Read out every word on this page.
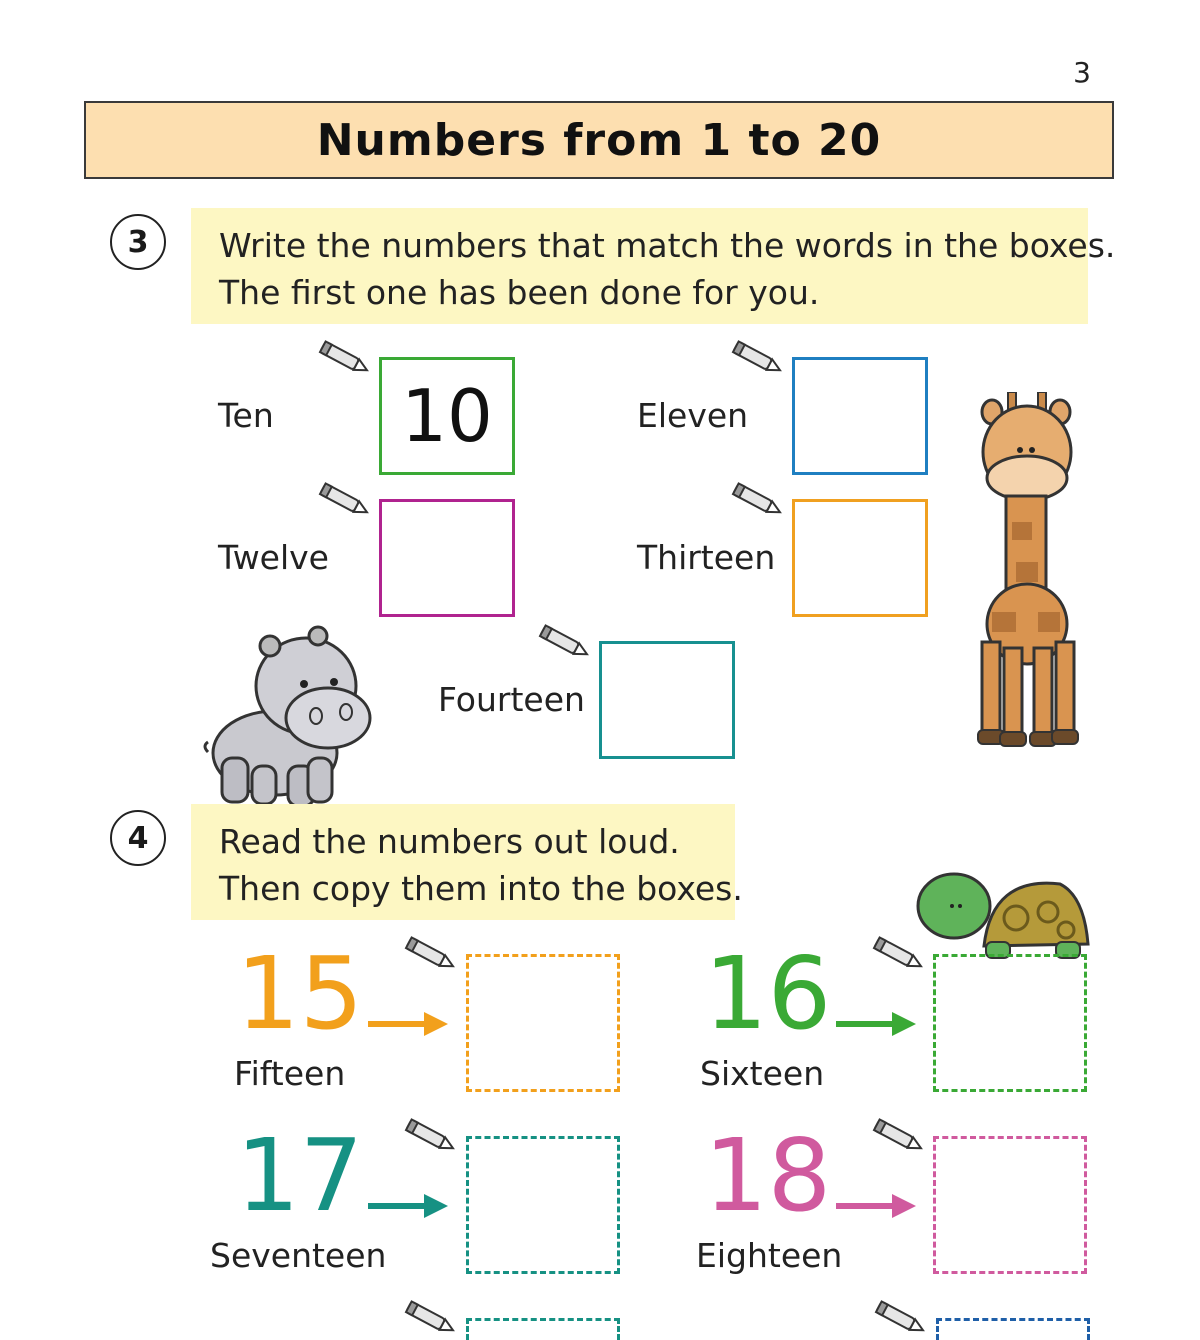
3
Numbers from 1 to 20
3	Write the numbers that match the words in the boxes.
The first one has been done for you.
Ten 10	Eleven
Twelve	Thirteen
Fourteen
4	Read the numbers out loud.
Then copy them into the boxes.
15
Fifteen
16
Sixteen
17
Seventeen
18
Eighteen
